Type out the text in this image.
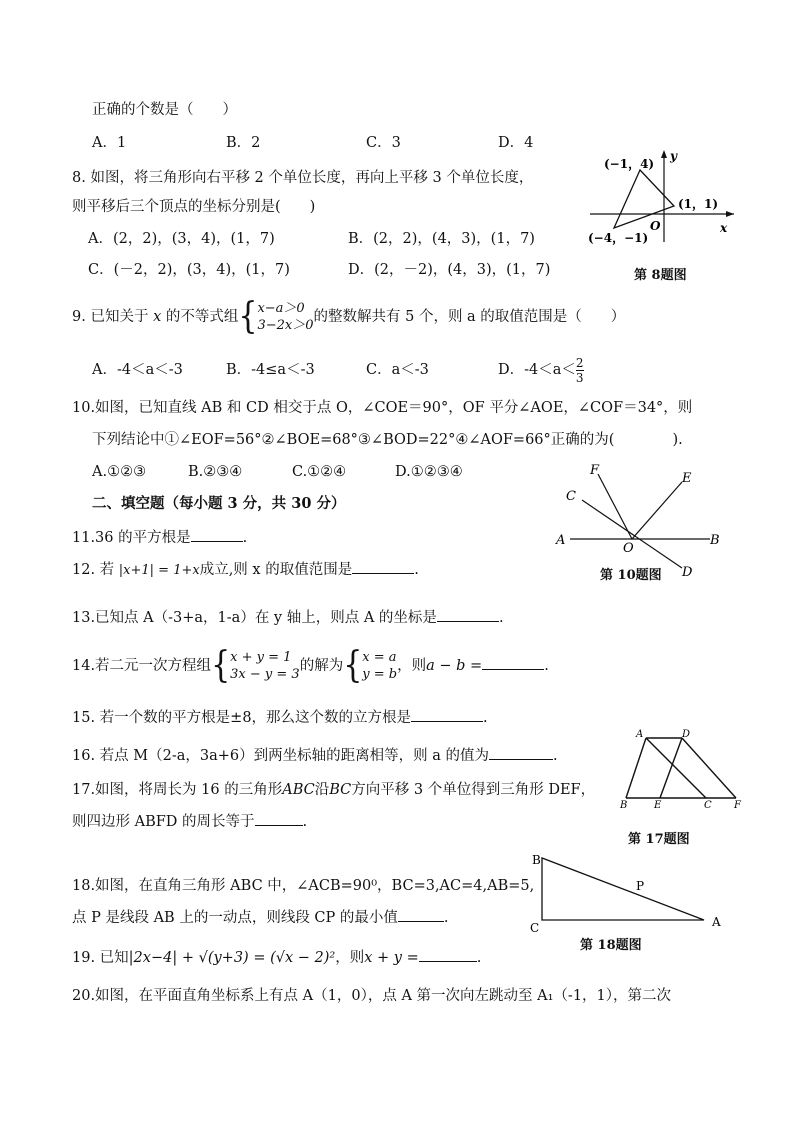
正确的个数是（　　）
A．1	B．2	C．3	D．4
8. 如图，将三角形向右平移 2 个单位长度，再向上平移 3 个单位长度，
则平移后三个顶点的坐标分别是(　　)
A．(2，2)，(3，4)，(1，7)	B．(2，2)，(4，3)，(1，7)
C．(－2，2)，(3，4)，(1，7)	D．(2，－2)，(4，3)，(1，7)
(−1，4)
(1，1)
(−4，−1)
O	x
y
第 8题图
9. 已知关于 x 的不等式组{ x−a＞0
3−2x＞0
的整数解共有 5 个，则 a 的取值范围是（　　）
A．-4＜a＜-3	B．-4≤a＜-3	C．a＜-3	D．$-4<a< \frac{2}{3}$
10.如图，已知直线 AB 和 CD 相交于点 O，∠COE＝90°，OF 平分∠AOE，∠COF＝34°，则
下列结论中①∠EOF=56°②∠BOE=68°③∠BOD=22°④∠AOF=66°正确的为(　　　　).
A.①②③	B.②③④	C.①②④	D.①②③④
A	B
C
D
E
F
O
第 10题图
二、填空题（每小题 3 分，共 30 分）
11.36 的平方根是	.
12. 若 |x+1| = 1+x成立,则 x 的取值范围是	.
13.已知点 A（-3+a，1-a）在 y 轴上，则点 A 的坐标是	.
14.若二元一次方程组{ x + y = 1
3x − y = 3
的解为{ x = a
y = b
，则a − b =	.
15. 若一个数的平方根是±8，那么这个数的立方根是	.
16. 若点 M（2-a，3a+6）到两坐标轴的距离相等，则 a 的值为	.
17.如图，将周长为 16 的三角形ABC沿BC方向平移 3 个单位得到三角形 DEF，
则四边形 ABFD 的周长等于	.
A	D
B	E	C F
第 17题图
18.如图，在直角三角形 ABC 中，∠ACB=90⁰，BC=3,AC=4,AB=5,
点 P 是线段 AB 上的一动点，则线段 CP 的最小值	.
B
P
C	A
第 18题图
19. 已知|2x−4| + √(y+3) = (√x − 2)²，则x + y =	.
20.如图，在平面直角坐标系上有点 A（1，0），点 A 第一次向左跳动至 A₁（-1，1），第二次
